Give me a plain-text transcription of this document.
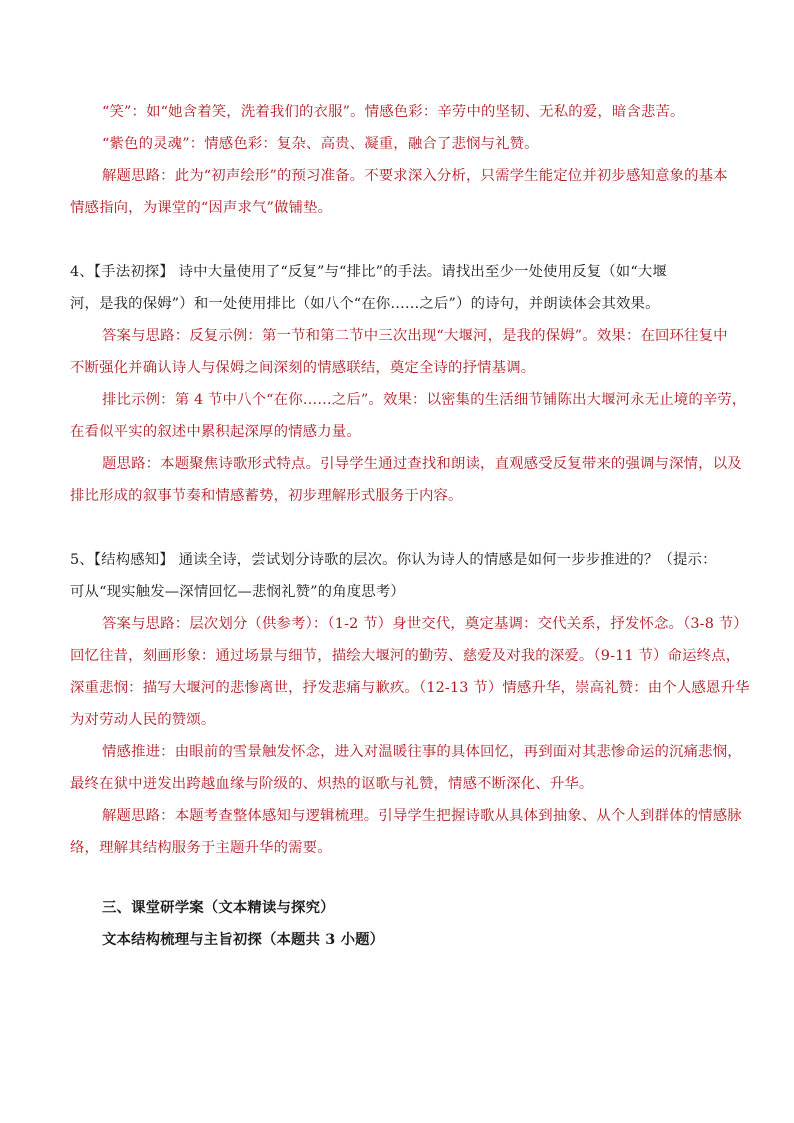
“笑”：如“她含着笑，洗着我们的衣服”。情感色彩：辛劳中的坚韧、无私的爱，暗含悲苦。
“紫色的灵魂”：情感色彩：复杂、高贵、凝重，融合了悲悯与礼赞。
解题思路：此为“初声绘形”的预习准备。不要求深入分析，只需学生能定位并初步感知意象的基本
情感指向，为课堂的“因声求气”做铺垫。
4、【手法初探】 诗中大量使用了“反复”与“排比”的手法。请找出至少一处使用反复（如“大堰
河，是我的保姆”）和一处使用排比（如八个“在你……之后”）的诗句，并朗读体会其效果。
答案与思路：反复示例：第一节和第二节中三次出现“大堰河，是我的保姆”。效果：在回环往复中
不断强化并确认诗人与保姆之间深刻的情感联结，奠定全诗的抒情基调。
排比示例：第 4 节中八个“在你……之后”。效果：以密集的生活细节铺陈出大堰河永无止境的辛劳，
在看似平实的叙述中累积起深厚的情感力量。
题思路：本题聚焦诗歌形式特点。引导学生通过查找和朗读，直观感受反复带来的强调与深情，以及
排比形成的叙事节奏和情感蓄势，初步理解形式服务于内容。
5、【结构感知】 通读全诗，尝试划分诗歌的层次。你认为诗人的情感是如何一步步推进的？（提示：
可从“现实触发—深情回忆—悲悯礼赞”的角度思考）
答案与思路：层次划分（供参考）：（1-2 节）身世交代，奠定基调：交代关系，抒发怀念。（3-8 节）
回忆往昔，刻画形象：通过场景与细节，描绘大堰河的勤劳、慈爱及对我的深爱。（9-11 节）命运终点，
深重悲悯：描写大堰河的悲惨离世，抒发悲痛与歉疚。（12-13 节）情感升华，崇高礼赞：由个人感恩升华
为对劳动人民的赞颂。
情感推进：由眼前的雪景触发怀念，进入对温暖往事的具体回忆，再到面对其悲惨命运的沉痛悲悯，
最终在狱中迸发出跨越血缘与阶级的、炽热的讴歌与礼赞，情感不断深化、升华。
解题思路：本题考查整体感知与逻辑梳理。引导学生把握诗歌从具体到抽象、从个人到群体的情感脉
络，理解其结构服务于主题升华的需要。
三、课堂研学案（文本精读与探究）
文本结构梳理与主旨初探（本题共 3 小题）
